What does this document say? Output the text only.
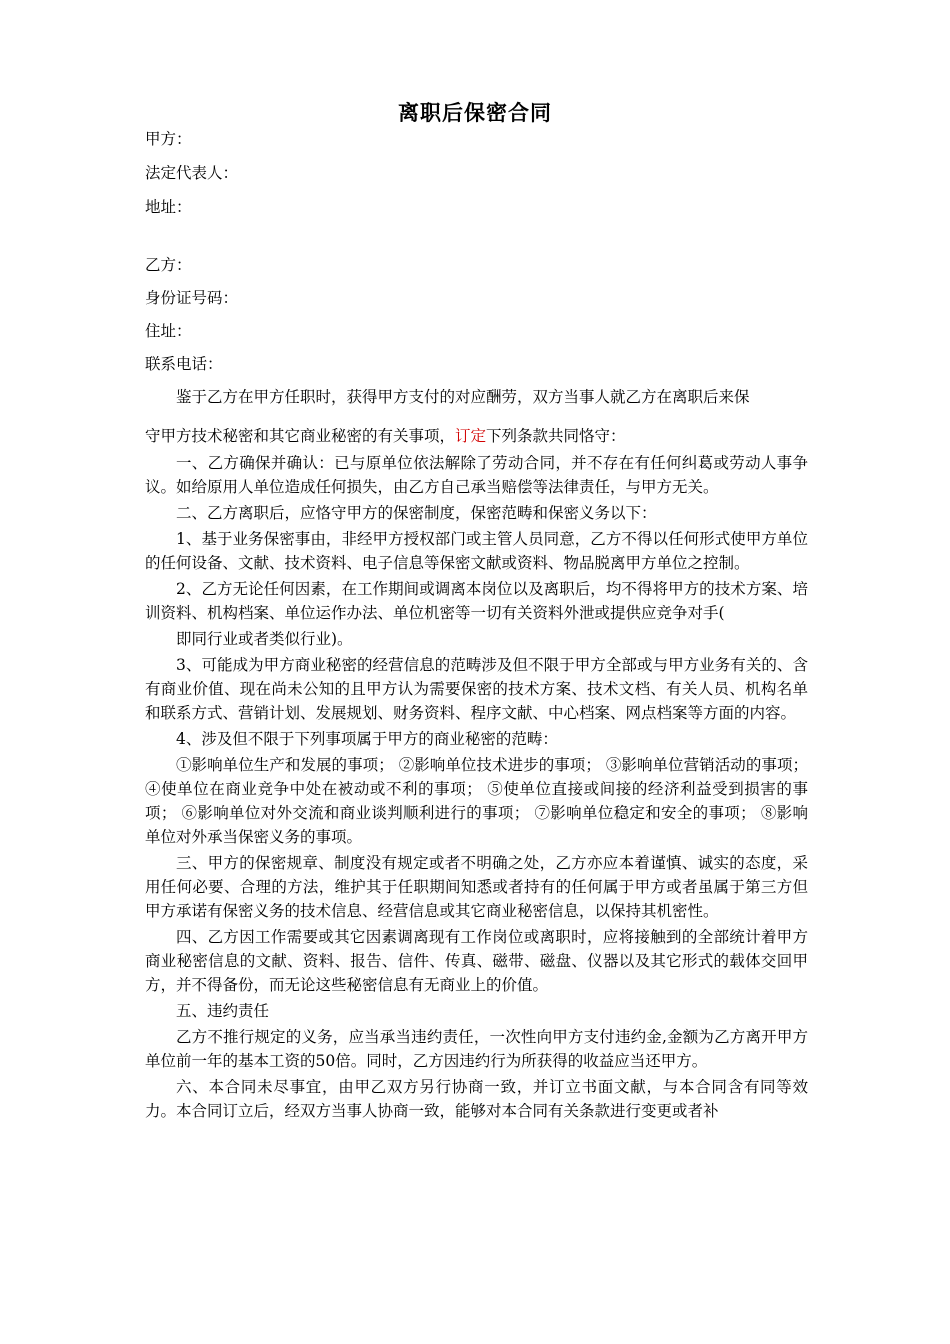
离职后保密合同
甲方：
法定代表人：
地址：
乙方：
身份证号码：
住址：
联系电话：

鉴于乙方在甲方任职时，获得甲方支付的对应酬劳，双方当事人就乙方在离职后来保

守甲方技术秘密和其它商业秘密的有关事项，订定下列条款共同恪守：

一、乙方确保并确认：已与原单位依法解除了劳动合同，并不存在有任何纠葛或劳动人事争议。如给原用人单位造成任何损失，由乙方自己承当赔偿等法律责任，与甲方无关。

二、乙方离职后，应恪守甲方的保密制度，保密范畴和保密义务以下：

1、基于业务保密事由，非经甲方授权部门或主管人员同意，乙方不得以任何形式使甲方单位的任何设备、文献、技术资料、电子信息等保密文献或资料、物品脱离甲方单位之控制。

2、乙方无论任何因素，在工作期间或调离本岗位以及离职后，均不得将甲方的技术方案、培训资料、机构档案、单位运作办法、单位机密等一切有关资料外泄或提供应竞争对手(

即同行业或者类似行业)。

3、可能成为甲方商业秘密的经营信息的范畴涉及但不限于甲方全部或与甲方业务有关的、含有商业价值、现在尚未公知的且甲方认为需要保密的技术方案、技术文档、有关人员、机构名单和联系方式、营销计划、发展规划、财务资料、程序文献、中心档案、网点档案等方面的内容。

4、涉及但不限于下列事项属于甲方的商业秘密的范畴：

①影响单位生产和发展的事项； ②影响单位技术进步的事项； ③影响单位营销活动的事项；④使单位在商业竞争中处在被动或不利的事项； ⑤使单位直接或间接的经济利益受到损害的事项； ⑥影响单位对外交流和商业谈判顺利进行的事项； ⑦影响单位稳定和安全的事项； ⑧影响单位对外承当保密义务的事项。

三、甲方的保密规章、制度没有规定或者不明确之处，乙方亦应本着谨慎、诚实的态度，采用任何必要、合理的方法，维护其于任职期间知悉或者持有的任何属于甲方或者虽属于第三方但甲方承诺有保密义务的技术信息、经营信息或其它商业秘密信息，以保持其机密性。

四、乙方因工作需要或其它因素调离现有工作岗位或离职时，应将接触到的全部统计着甲方商业秘密信息的文献、资料、报告、信件、传真、磁带、磁盘、仪器以及其它形式的载体交回甲方，并不得备份，而无论这些秘密信息有无商业上的价值。

五、违约责任

乙方不推行规定的义务，应当承当违约责任，一次性向甲方支付违约金,金额为乙方离开甲方单位前一年的基本工资的50倍。同时，乙方因违约行为所获得的收益应当还甲方。

六、本合同未尽事宜，由甲乙双方另行协商一致，并订立书面文献，与本合同含有同等效力。本合同订立后，经双方当事人协商一致，能够对本合同有关条款进行变更或者补
